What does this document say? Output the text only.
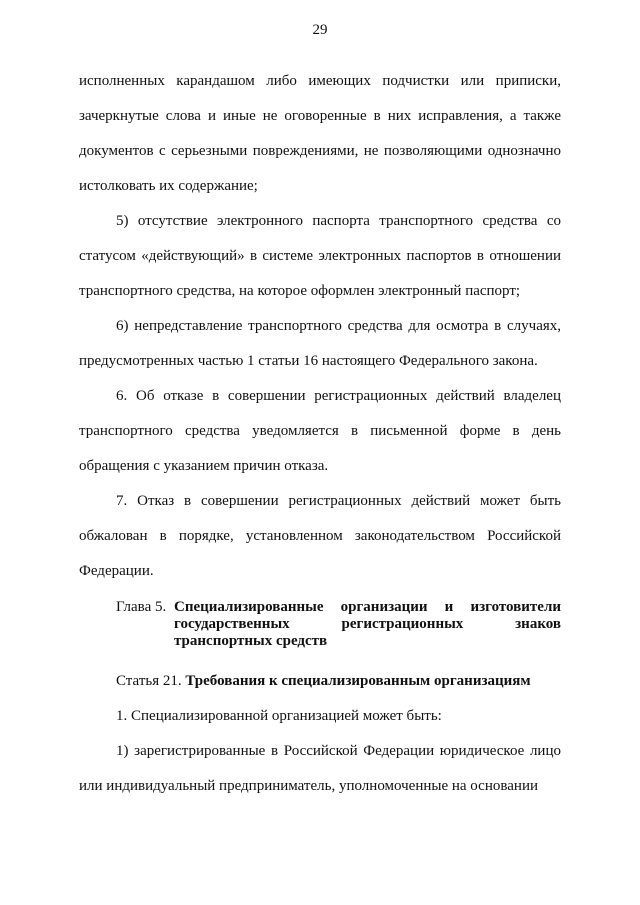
29

исполненных карандашом либо имеющих подчистки или приписки, зачеркнутые слова и иные не оговоренные в них исправления, а также документов с серьезными повреждениями, не позволяющими однозначно истолковать их содержание;

5) отсутствие электронного паспорта транспортного средства со статусом «действующий» в системе электронных паспортов в отношении транспортного средства, на которое оформлен электронный паспорт;

6) непредставление транспортного средства для осмотра в случаях, предусмотренных частью 1 статьи 16 настоящего Федерального закона.

6. Об отказе в совершении регистрационных действий владелец транспортного средства уведомляется в письменной форме в день обращения с указанием причин отказа.

7. Отказ в совершении регистрационных действий может быть обжалован в порядке, установленном законодательством Российской Федерации.

Глава 5. Специализированные организации и изготовители государственных регистрационных знаков транспортных средств

Статья 21. Требования к специализированным организациям

1. Специализированной организацией может быть:

1) зарегистрированные в Российской Федерации юридическое лицо или индивидуальный предприниматель, уполномоченные на основании
